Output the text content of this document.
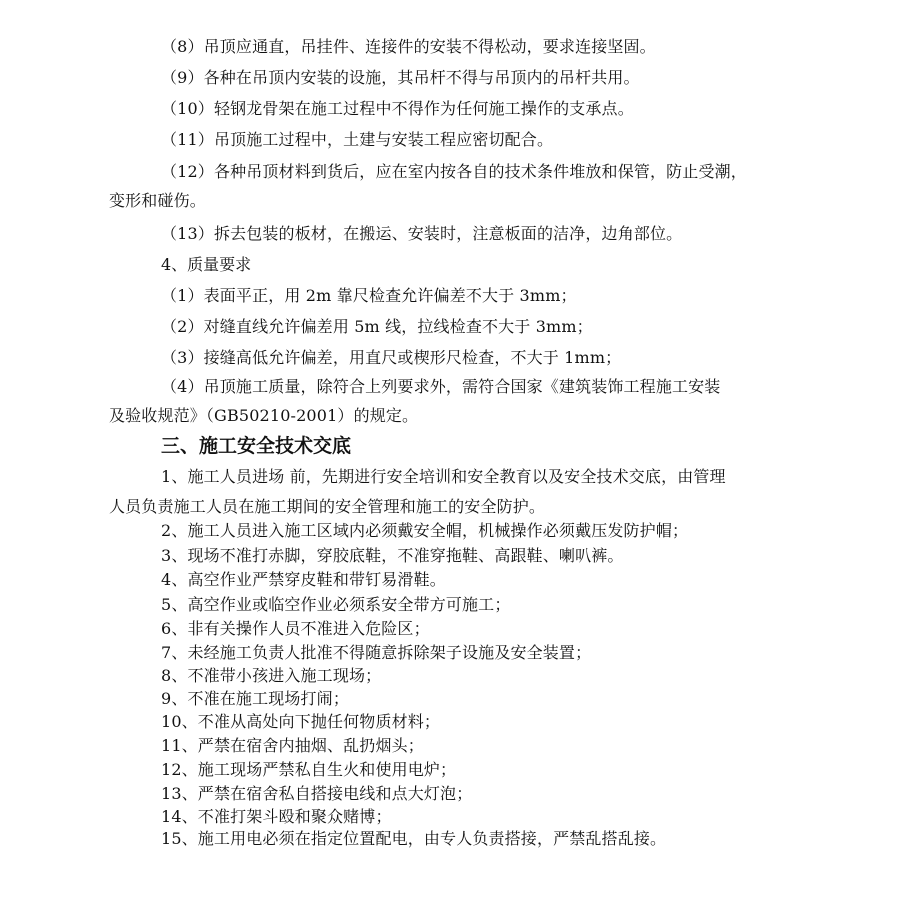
（8）吊顶应通直，吊挂件、连接件的安装不得松动，要求连接坚固。
（9）各种在吊顶内安装的设施，其吊杆不得与吊顶内的吊杆共用。
（10）轻钢龙骨架在施工过程中不得作为任何施工操作的支承点。
（11）吊顶施工过程中，土建与安装工程应密切配合。
（12）各种吊顶材料到货后，应在室内按各自的技术条件堆放和保管，防止受潮，
变形和碰伤。
（13）拆去包装的板材，在搬运、安装时，注意板面的洁净，边角部位。
4、质量要求
（1）表面平正，用 2m 靠尺检查允许偏差不大于 3mm；
（2）对缝直线允许偏差用 5m 线，拉线检查不大于 3mm；
（3）接缝高低允许偏差，用直尺或楔形尺检查，不大于 1mm；
（4）吊顶施工质量，除符合上列要求外，需符合国家《建筑装饰工程施工安装
及验收规范》（GB50210-2001）的规定。
三、施工安全技术交底
1、施工人员进场 前，先期进行安全培训和安全教育以及安全技术交底，由管理
人员负责施工人员在施工期间的安全管理和施工的安全防护。
2、施工人员进入施工区域内必须戴安全帽，机械操作必须戴压发防护帽；
3、现场不准打赤脚，穿胶底鞋，不准穿拖鞋、高跟鞋、喇叭裤。
4、高空作业严禁穿皮鞋和带钉易滑鞋。
5、高空作业或临空作业必须系安全带方可施工；
6、非有关操作人员不准进入危险区；
7、未经施工负责人批准不得随意拆除架子设施及安全装置；
8、不准带小孩进入施工现场；
9、不准在施工现场打闹；
10、不准从高处向下抛任何物质材料；
11、严禁在宿舍内抽烟、乱扔烟头；
12、施工现场严禁私自生火和使用电炉；
13、严禁在宿舍私自搭接电线和点大灯泡；
14、不准打架斗殴和聚众赌博；
15、施工用电必须在指定位置配电，由专人负责搭接，严禁乱搭乱接。
